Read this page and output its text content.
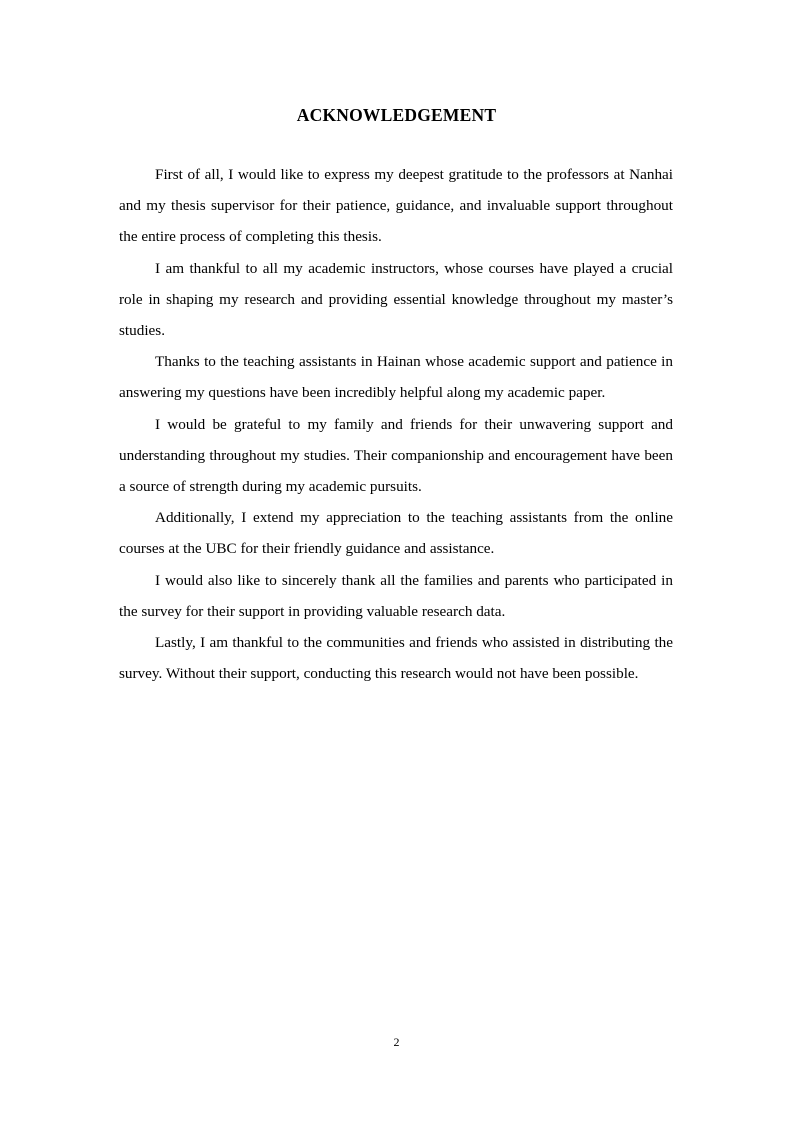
ACKNOWLEDGEMENT

First of all, I would like to express my deepest gratitude to the professors at Nanhai and my thesis supervisor for their patience, guidance, and invaluable support throughout the entire process of completing this thesis.

I am thankful to all my academic instructors, whose courses have played a crucial role in shaping my research and providing essential knowledge throughout my master’s studies.

Thanks to the teaching assistants in Hainan whose academic support and patience in answering my questions have been incredibly helpful along my academic paper.

I would be grateful to my family and friends for their unwavering support and understanding throughout my studies. Their companionship and encouragement have been a source of strength during my academic pursuits.

Additionally, I extend my appreciation to the teaching assistants from the online courses at the UBC for their friendly guidance and assistance.

I would also like to sincerely thank all the families and parents who participated in the survey for their support in providing valuable research data.

Lastly, I am thankful to the communities and friends who assisted in distributing the survey. Without their support, conducting this research would not have been possible.

2
